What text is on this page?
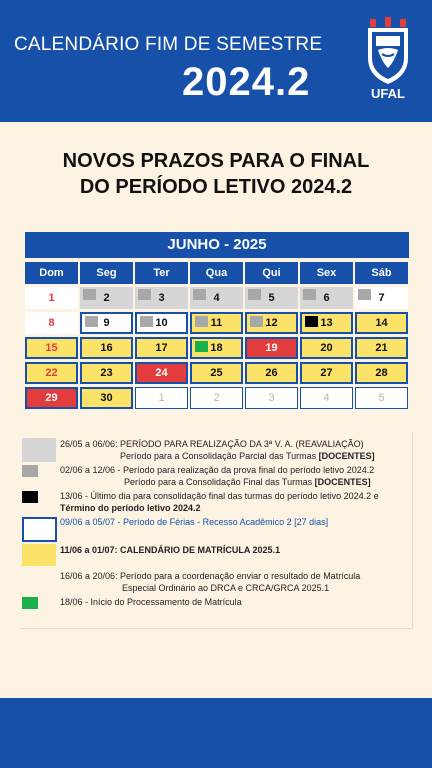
CALENDÁRIO FIM DE SEMESTRE
2024.2	UFAL
NOVOS PRAZOS PARA O FINAL
DO PERÍODO LETIVO 2024.2
JUNHO - 2025
Dom	Seg	Ter	Qua	Qui	Sex	Sáb
1	2	3	4	5	6	7
8	9	10	11	12	13	14
15	16	17	18	19	20	21
22	23	24	25	26	27	28
29	30	1	2	3	4	5
26/05 a 06/06: PERÍODO PARA REALIZAÇÃO DA 3ª V. A. (REAVALIAÇÃO)
Período para a Consolidação Parcial das Turmas [DOCENTES]
02/06 a 12/06 - Período para realização da prova final do período letivo 2024.2
Período para a Consolidação Final das Turmas [DOCENTES]
13/06 - Último dia para consolidação final das turmas do período letivo 2024.2 e
Término do período letivo 2024.2
09/06 a 05/07 - Período de Férias - Recesso Acadêmico 2 [27 dias]
11/06 a 01/07: CALENDÁRIO DE MATRÍCULA 2025.1
16/06 a 20/06: Período para a coordenação enviar o resultado de Matrícula
Especial Ordinário ao DRCA e CRCA/GRCA 2025.1
18/06 - Início do Processamento de Matrícula
